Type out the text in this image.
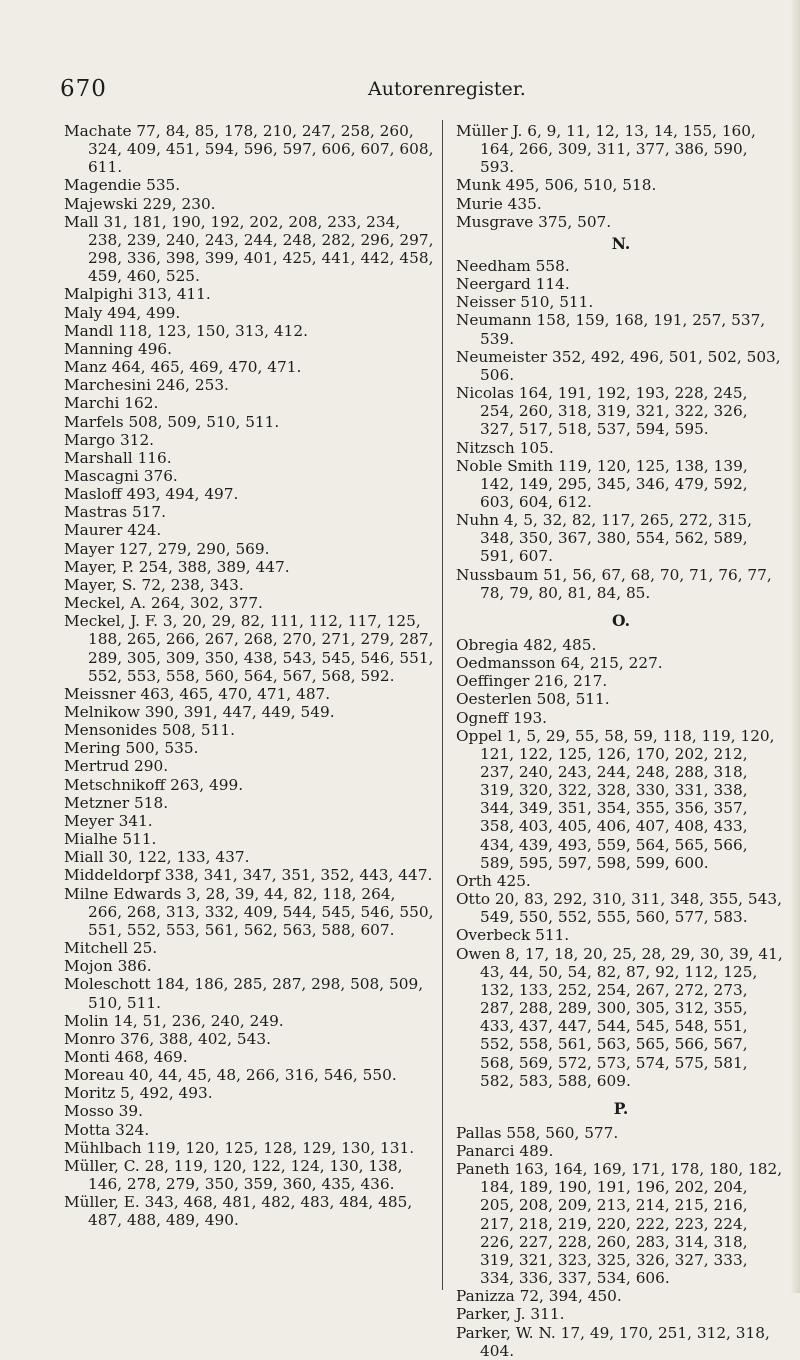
670	Autorenregister.
Machate 77, 84, 85, 178, 210, 247, 258, 260, 324, 409, 451, 594, 596, 597, 606, 607, 608, 611.
Magendie 535.
Majewski 229, 230.
Mall 31, 181, 190, 192, 202, 208, 233, 234, 238, 239, 240, 243, 244, 248, 282, 296, 297, 298, 336, 398, 399, 401, 425, 441, 442, 458, 459, 460, 525.
Malpighi 313, 411.
Maly 494, 499.
Mandl 118, 123, 150, 313, 412.
Manning 496.
Manz 464, 465, 469, 470, 471.
Marchesini 246, 253.
Marchi 162.
Marfels 508, 509, 510, 511.
Margo 312.
Marshall 116.
Mascagni 376.
Masloff 493, 494, 497.
Mastras 517.
Maurer 424.
Mayer 127, 279, 290, 569.
Mayer, P. 254, 388, 389, 447.
Mayer, S. 72, 238, 343.
Meckel, A. 264, 302, 377.
Meckel, J. F. 3, 20, 29, 82, 111, 112, 117, 125, 188, 265, 266, 267, 268, 270, 271, 279, 287, 289, 305, 309, 350, 438, 543, 545, 546, 551, 552, 553, 558, 560, 564, 567, 568, 592.
Meissner 463, 465, 470, 471, 487.
Melnikow 390, 391, 447, 449, 549.
Mensonides 508, 511.
Mering 500, 535.
Mertrud 290.
Metschnikoff 263, 499.
Metzner 518.
Meyer 341.
Mialhe 511.
Miall 30, 122, 133, 437.
Middeldorpf 338, 341, 347, 351, 352, 443, 447.
Milne Edwards 3, 28, 39, 44, 82, 118, 264, 266, 268, 313, 332, 409, 544, 545, 546, 550, 551, 552, 553, 561, 562, 563, 588, 607.
Mitchell 25.
Mojon 386.
Moleschott 184, 186, 285, 287, 298, 508, 509, 510, 511.
Molin 14, 51, 236, 240, 249.
Monro 376, 388, 402, 543.
Monti 468, 469.
Moreau 40, 44, 45, 48, 266, 316, 546, 550.
Moritz 5, 492, 493.
Mosso 39.
Motta 324.
Mühlbach 119, 120, 125, 128, 129, 130, 131.
Müller, C. 28, 119, 120, 122, 124, 130, 138, 146, 278, 279, 350, 359, 360, 435, 436.
Müller, E. 343, 468, 481, 482, 483, 484, 485, 487, 488, 489, 490.
Müller J. 6, 9, 11, 12, 13, 14, 155, 160, 164, 266, 309, 311, 377, 386, 590, 593.
Munk 495, 506, 510, 518.
Murie 435.
Musgrave 375, 507.
N.
Needham 558.
Neergard 114.
Neisser 510, 511.
Neumann 158, 159, 168, 191, 257, 537, 539.
Neumeister 352, 492, 496, 501, 502, 503, 506.
Nicolas 164, 191, 192, 193, 228, 245, 254, 260, 318, 319, 321, 322, 326, 327, 517, 518, 537, 594, 595.
Nitzsch 105.
Noble Smith 119, 120, 125, 138, 139, 142, 149, 295, 345, 346, 479, 592, 603, 604, 612.
Nuhn 4, 5, 32, 82, 117, 265, 272, 315, 348, 350, 367, 380, 554, 562, 589, 591, 607.
Nussbaum 51, 56, 67, 68, 70, 71, 76, 77, 78, 79, 80, 81, 84, 85.
O.
Obregia 482, 485.
Oedmansson 64, 215, 227.
Oeffinger 216, 217.
Oesterlen 508, 511.
Ogneff 193.
Oppel 1, 5, 29, 55, 58, 59, 118, 119, 120, 121, 122, 125, 126, 170, 202, 212, 237, 240, 243, 244, 248, 288, 318, 319, 320, 322, 328, 330, 331, 338, 344, 349, 351, 354, 355, 356, 357, 358, 403, 405, 406, 407, 408, 433, 434, 439, 493, 559, 564, 565, 566, 589, 595, 597, 598, 599, 600.
Orth 425.
Otto 20, 83, 292, 310, 311, 348, 355, 543, 549, 550, 552, 555, 560, 577, 583.
Overbeck 511.
Owen 8, 17, 18, 20, 25, 28, 29, 30, 39, 41, 43, 44, 50, 54, 82, 87, 92, 112, 125, 132, 133, 252, 254, 267, 272, 273, 287, 288, 289, 300, 305, 312, 355, 433, 437, 447, 544, 545, 548, 551, 552, 558, 561, 563, 565, 566, 567, 568, 569, 572, 573, 574, 575, 581, 582, 583, 588, 609.
P.
Pallas 558, 560, 577.
Panarci 489.
Paneth 163, 164, 169, 171, 178, 180, 182, 184, 189, 190, 191, 196, 202, 204, 205, 208, 209, 213, 214, 215, 216, 217, 218, 219, 220, 222, 223, 224, 226, 227, 228, 260, 283, 314, 318, 319, 321, 323, 325, 326, 327, 333, 334, 336, 337, 534, 606.
Panizza 72, 394, 450.
Parker, J. 311.
Parker, W. N. 17, 49, 170, 251, 312, 318, 404.
